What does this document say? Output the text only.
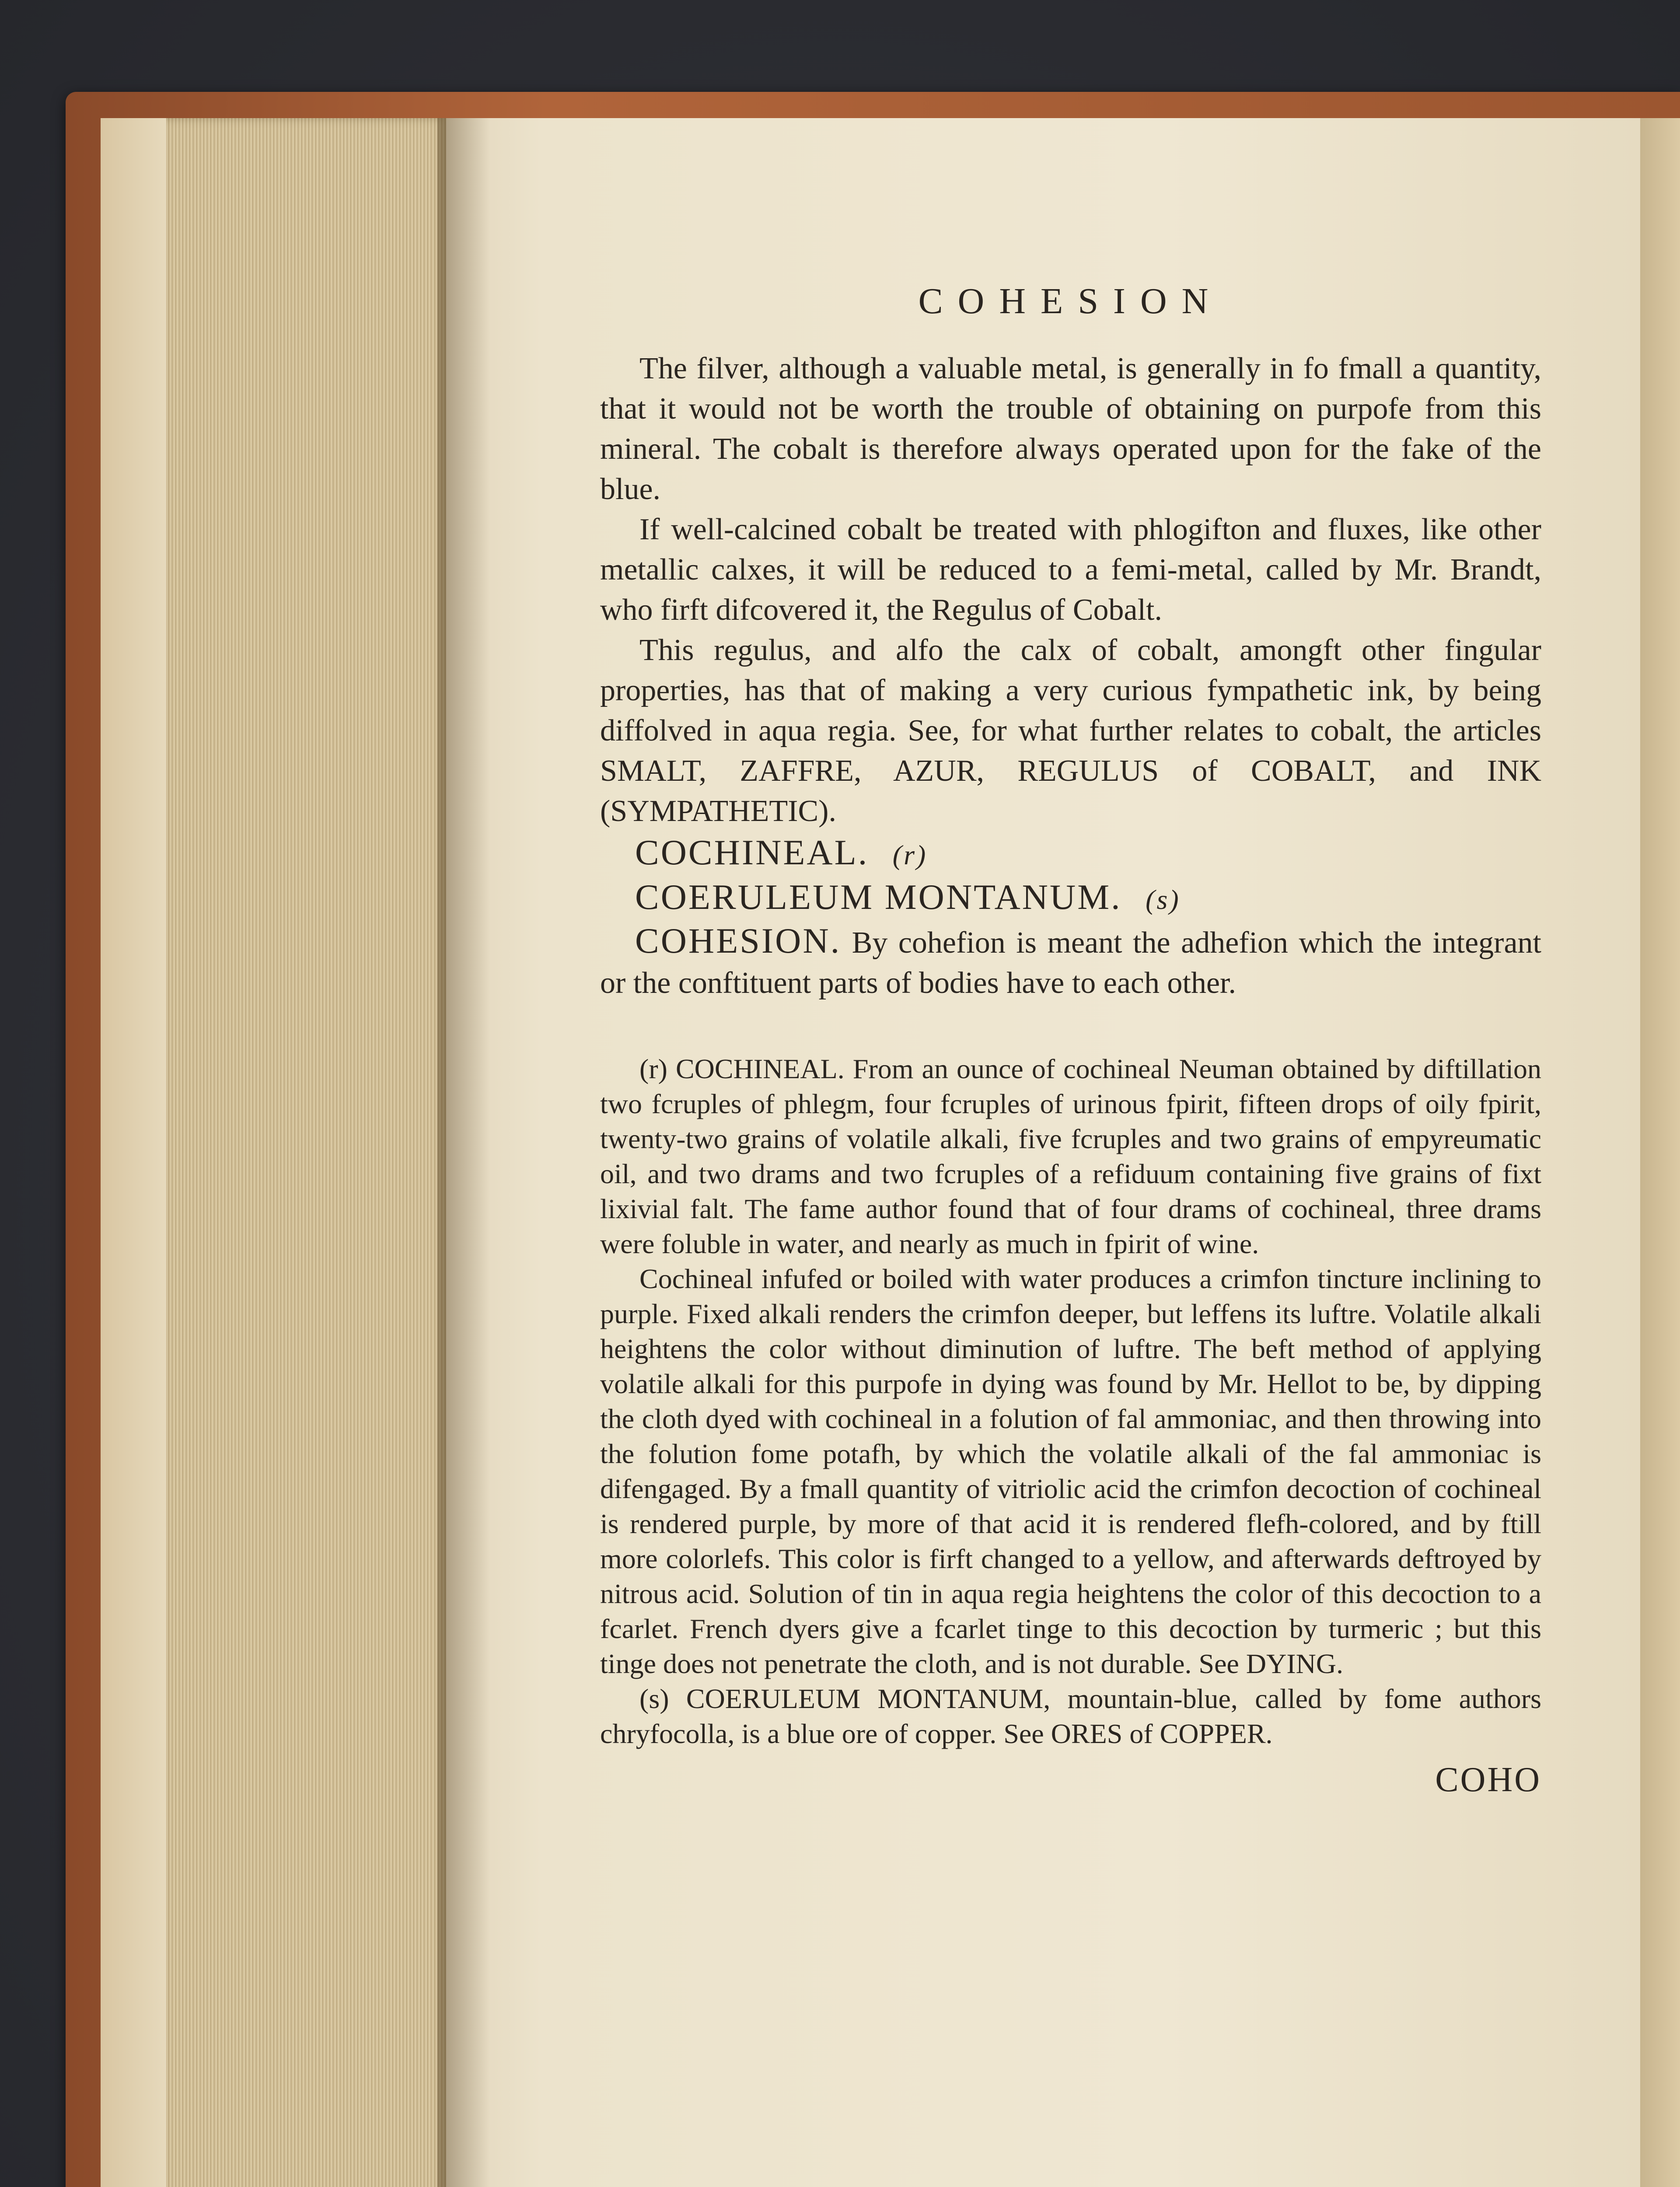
COHESION

The filver, although a valuable metal, is generally in fo fmall a quantity, that it would not be worth the trouble of obtaining on purpofe from this mineral. The cobalt is therefore always operated upon for the fake of the blue.

If well-calcined cobalt be treated with phlogifton and fluxes, like other metallic calxes, it will be reduced to a femi-metal, called by Mr. Brandt, who firft difcovered it, the Regulus of Cobalt.

This regulus, and alfo the calx of cobalt, amongft other fingular properties, has that of making a very curious fympathetic ink, by being diffolved in aqua regia. See, for what further relates to cobalt, the articles SMALT, ZAFFRE, AZUR, REGULUS of COBALT, and INK (SYMPATHETIC).

COCHINEAL. (r)
COERULEUM MONTANUM. (s)

COHESION. By cohefion is meant the adhefion which the integrant or the conftituent parts of bodies have to each other.

(r) COCHINEAL. From an ounce of cochineal Neuman obtained by diftillation two fcruples of phlegm, four fcruples of urinous fpirit, fifteen drops of oily fpirit, twenty-two grains of volatile alkali, five fcruples and two grains of empyreumatic oil, and two drams and two fcruples of a refiduum containing five grains of fixt lixivial falt. The fame author found that of four drams of cochineal, three drams were foluble in water, and nearly as much in fpirit of wine.

Cochineal infufed or boiled with water produces a crimfon tincture inclining to purple. Fixed alkali renders the crimfon deeper, but leffens its luftre. Volatile alkali heightens the color without diminution of luftre. The beft method of applying volatile alkali for this purpofe in dying was found by Mr. Hellot to be, by dipping the cloth dyed with cochineal in a folution of fal ammoniac, and then throwing into the folution fome potafh, by which the volatile alkali of the fal ammoniac is difengaged. By a fmall quantity of vitriolic acid the crimfon decoction of cochineal is rendered purple, by more of that acid it is rendered flefh-colored, and by ftill more colorlefs. This color is firft changed to a yellow, and afterwards deftroyed by nitrous acid. Solution of tin in aqua regia heightens the color of this decoction to a fcarlet. French dyers give a fcarlet tinge to this decoction by turmeric ; but this tinge does not penetrate the cloth, and is not durable. See DYING.

(s) COERULEUM MONTANUM, mountain-blue, called by fome authors chryfocolla, is a blue ore of copper. See ORES of COPPER.

COHO
